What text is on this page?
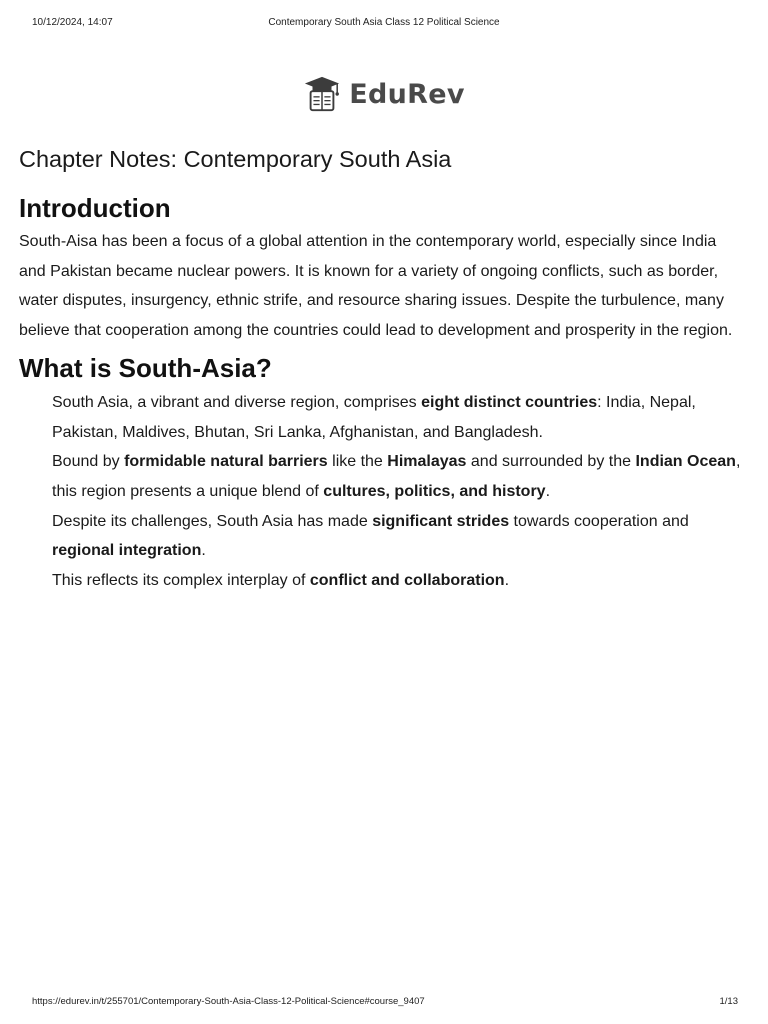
10/12/2024, 14:07	Contemporary South Asia Class 12 Political Science
EduRev
Chapter Notes: Contemporary South Asia
Introduction

South-Aisa has been a focus of a global attention in the contemporary world, especially since India and Pakistan became nuclear powers. It is known for a variety of ongoing conflicts, such as border, water disputes, insurgency, ethnic strife, and resource sharing issues. Despite the turbulence, many believe that cooperation among the countries could lead to development and prosperity in the region.

What is South-Asia?
South Asia, a vibrant and diverse region, comprises eight distinct countries: India, Nepal, Pakistan, Maldives, Bhutan, Sri Lanka, Afghanistan, and Bangladesh.
Bound by formidable natural barriers like the Himalayas and surrounded by the Indian Ocean, this region presents a unique blend of cultures, politics, and history.
Despite its challenges, South Asia has made significant strides towards cooperation and regional integration.
This reflects its complex interplay of conflict and collaboration.
https://edurev.in/t/255701/Contemporary-South-Asia-Class-12-Political-Science#course_9407	1/13
